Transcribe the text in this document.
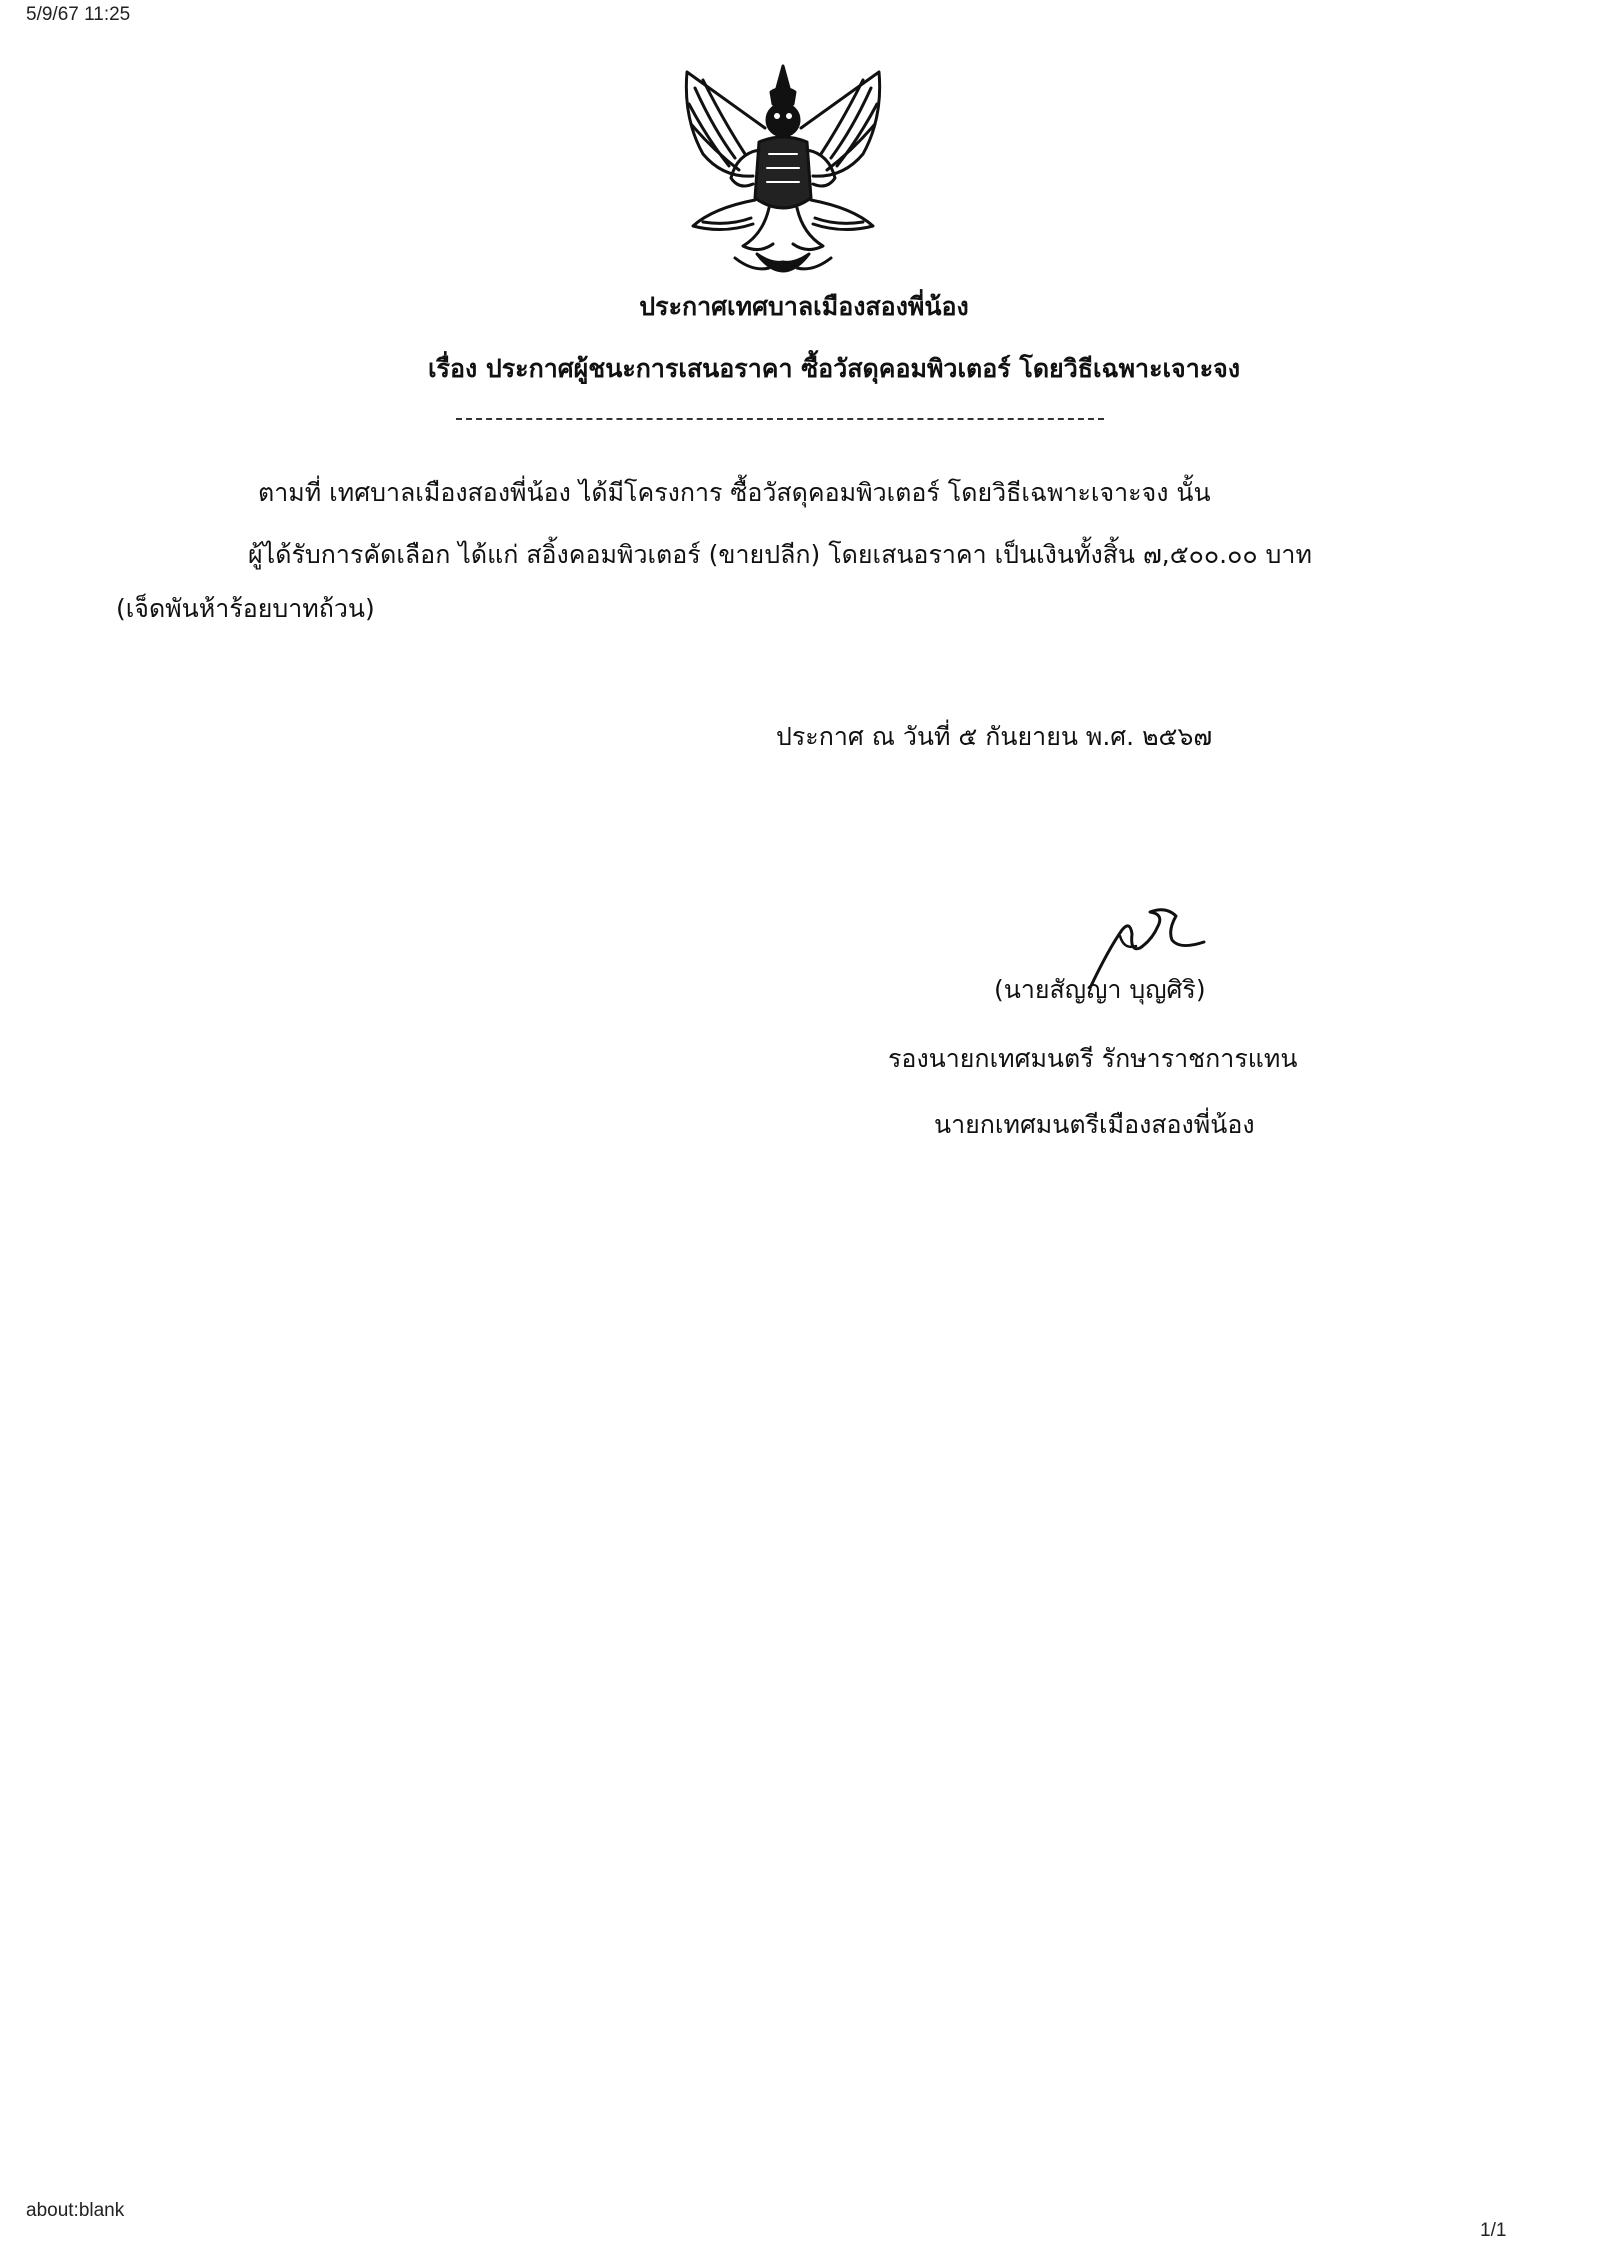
5/9/67 11:25
ประกาศเทศบาลเมืองสองพี่น้อง
เรื่อง ประกาศผู้ชนะการเสนอราคา ซื้อวัสดุคอมพิวเตอร์ โดยวิธีเฉพาะเจาะจง
ตามที่ เทศบาลเมืองสองพี่น้อง ได้มีโครงการ ซื้อวัสดุคอมพิวเตอร์ โดยวิธีเฉพาะเจาะจง นั้น
ผู้ได้รับการคัดเลือก ได้แก่ สอิ้งคอมพิวเตอร์ (ขายปลีก) โดยเสนอราคา เป็นเงินทั้งสิ้น ๗,๕๐๐.๐๐ บาท
(เจ็ดพันห้าร้อยบาทถ้วน)
ประกาศ ณ วันที่ ๕ กันยายน พ.ศ. ๒๕๖๗
(นายสัญญา บุญศิริ)
รองนายกเทศมนตรี รักษาราชการแทน
นายกเทศมนตรีเมืองสองพี่น้อง
about:blank
1/1
